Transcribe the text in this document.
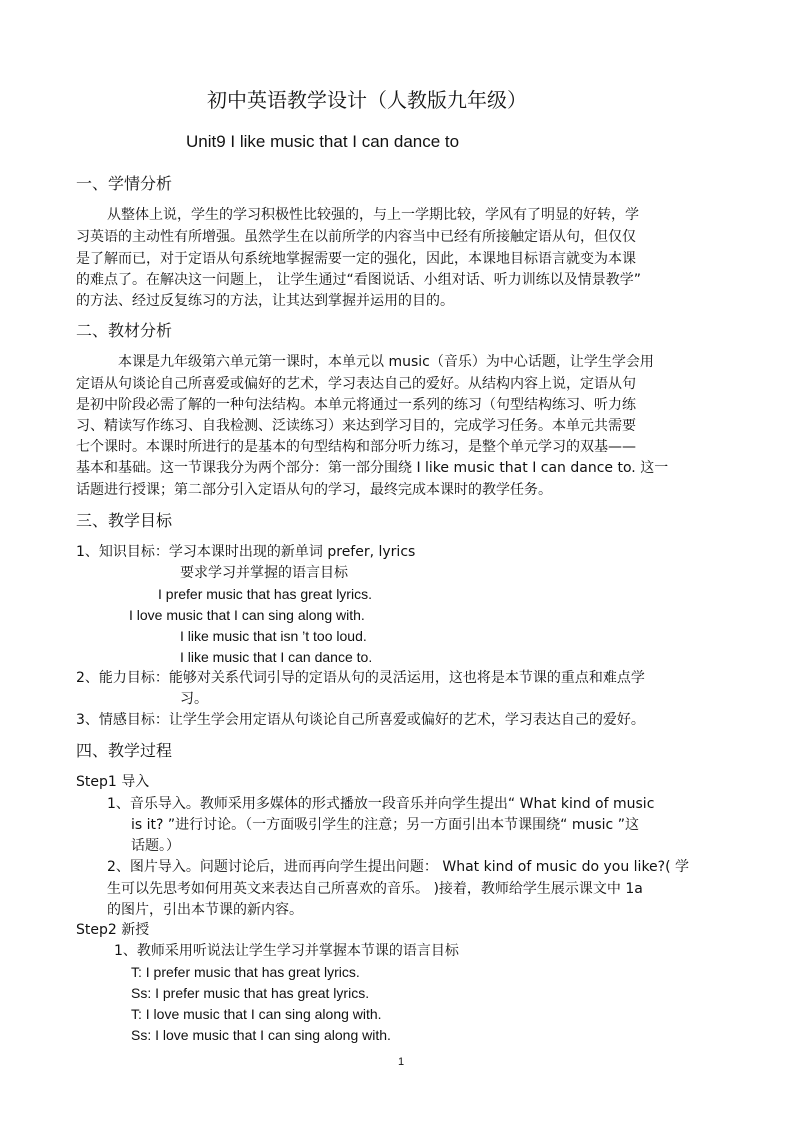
初中英语教学设计（人教版九年级）
Unit9 I like music that I can dance to
一、学情分析
从整体上说，学生的学习积极性比较强的，与上一学期比较，学风有了明显的好转，学
习英语的主动性有所增强。虽然学生在以前所学的内容当中已经有所接触定语从句，但仅仅
是了解而已，对于定语从句系统地掌握需要一定的强化，因此，本课地目标语言就变为本课
的难点了。在解决这一问题上， 让学生通过“看图说话、小组对话、听力训练以及情景教学”
的方法、经过反复练习的方法，让其达到掌握并运用的目的。
二、教材分析
本课是九年级第六单元第一课时，本单元以 music（音乐）为中心话题，让学生学会用
定语从句谈论自己所喜爱或偏好的艺术，学习表达自己的爱好。从结构内容上说，定语从句
是初中阶段必需了解的一种句法结构。本单元将通过一系列的练习（句型结构练习、听力练
习、精读写作练习、自我检测、泛读练习）来达到学习目的，完成学习任务。本单元共需要
七个课时。本课时所进行的是基本的句型结构和部分听力练习，是整个单元学习的双基——
基本和基础。这一节课我分为两个部分：第一部分围绕 I like music that I can dance to. 这一
话题进行授课；第二部分引入定语从句的学习，最终完成本课时的教学任务。
三、教学目标
1、知识目标：学习本课时出现的新单词 prefer, lyrics
要求学习并掌握的语言目标
I prefer music that has great lyrics.
I love music that I can sing along with.
I like music that isn ’t too loud.
I like music that I can dance to.
2、能力目标：能够对关系代词引导的定语从句的灵活运用，这也将是本节课的重点和难点学
习。
3、情感目标：让学生学会用定语从句谈论自己所喜爱或偏好的艺术，学习表达自己的爱好。
四、教学过程
Step1 导入
1、音乐导入。教师采用多媒体的形式播放一段音乐并向学生提出“ What kind of music
is it? ”进行讨论。（一方面吸引学生的注意；另一方面引出本节课围绕“ music ”这
话题。）
2、图片导入。问题讨论后，进而再向学生提出问题： What kind of music do you like?( 学
生可以先思考如何用英文来表达自己所喜欢的音乐。 )接着，教师给学生展示课文中 1a
的图片，引出本节课的新内容。
Step2 新授
1、教师采用听说法让学生学习并掌握本节课的语言目标
T: I prefer music that has great lyrics.
Ss: I prefer music that has great lyrics.
T: I love music that I can sing along with.
Ss: I love music that I can sing along with.
1
